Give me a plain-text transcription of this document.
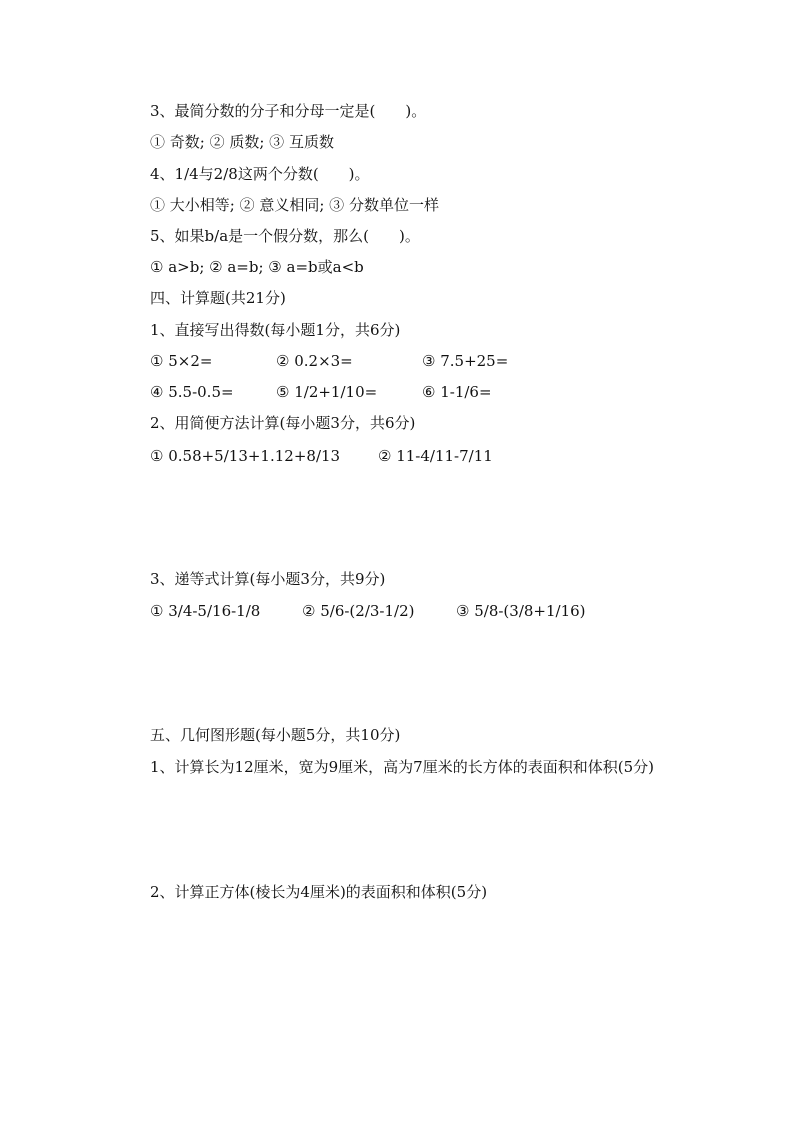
3、最简分数的分子和分母一定是(　　)。
① 奇数; ② 质数; ③ 互质数
4、1/4与2/8这两个分数(　　)。
① 大小相等; ② 意义相同; ③ 分数单位一样
5、如果b/a是一个假分数，那么(　　)。
① a>b; ② a=b; ③ a=b或a<b
四、计算题(共21分)
1、直接写出得数(每小题1分，共6分)
① 5×2=	② 0.2×3=	③ 7.5+25=
④ 5.5-0.5=	⑤ 1/2+1/10=	⑥ 1-1/6=
2、用简便方法计算(每小题3分，共6分)
① 0.58+5/13+1.12+8/13	② 11-4/11-7/11
3、递等式计算(每小题3分，共9分)
① 3/4-5/16-1/8	② 5/6-(2/3-1/2)	③ 5/8-(3/8+1/16)
五、几何图形题(每小题5分，共10分)
1、计算长为12厘米，宽为9厘米，高为7厘米的长方体的表面积和体积(5分)
2、计算正方体(棱长为4厘米)的表面积和体积(5分)
